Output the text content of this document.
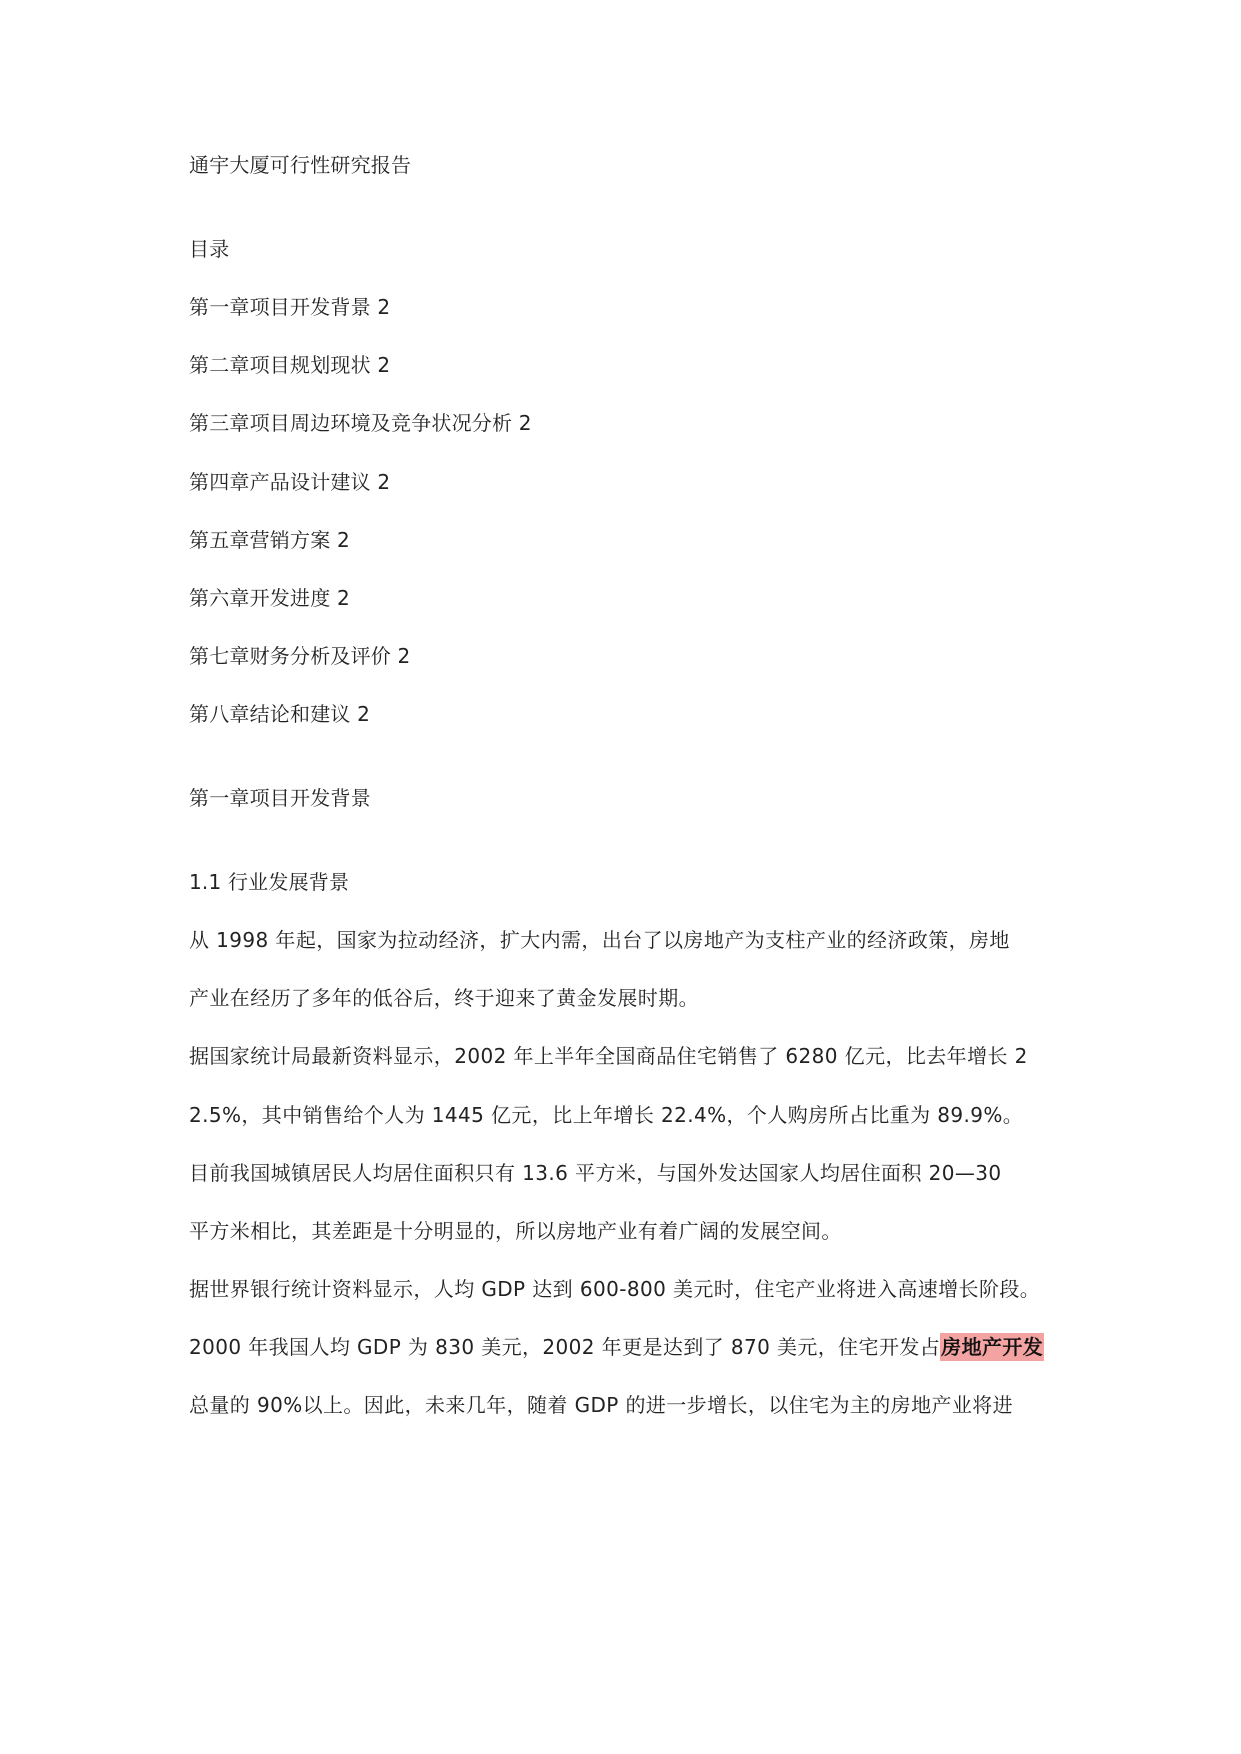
通宇大厦可行性研究报告
目录
第一章项目开发背景 2
第二章项目规划现状 2
第三章项目周边环境及竞争状况分析 2
第四章产品设计建议 2
第五章营销方案 2
第六章开发进度 2
第七章财务分析及评价 2
第八章结论和建议 2
第一章项目开发背景
1.1 行业发展背景
从 1998 年起，国家为拉动经济，扩大内需，出台了以房地产为支柱产业的经济政策，房地
产业在经历了多年的低谷后，终于迎来了黄金发展时期。
据国家统计局最新资料显示，2002 年上半年全国商品住宅销售了 6280 亿元，比去年增长 2
2.5%，其中销售给个人为 1445 亿元，比上年增长 22.4%，个人购房所占比重为 89.9%。
目前我国城镇居民人均居住面积只有 13.6 平方米，与国外发达国家人均居住面积 20—30
平方米相比，其差距是十分明显的，所以房地产业有着广阔的发展空间。
据世界银行统计资料显示，人均 GDP 达到 600-800 美元时，住宅产业将进入高速增长阶段。
2000 年我国人均 GDP 为 830 美元，2002 年更是达到了 870 美元，住宅开发占房地产开发
总量的 90%以上。因此，未来几年，随着 GDP 的进一步增长，以住宅为主的房地产业将进
